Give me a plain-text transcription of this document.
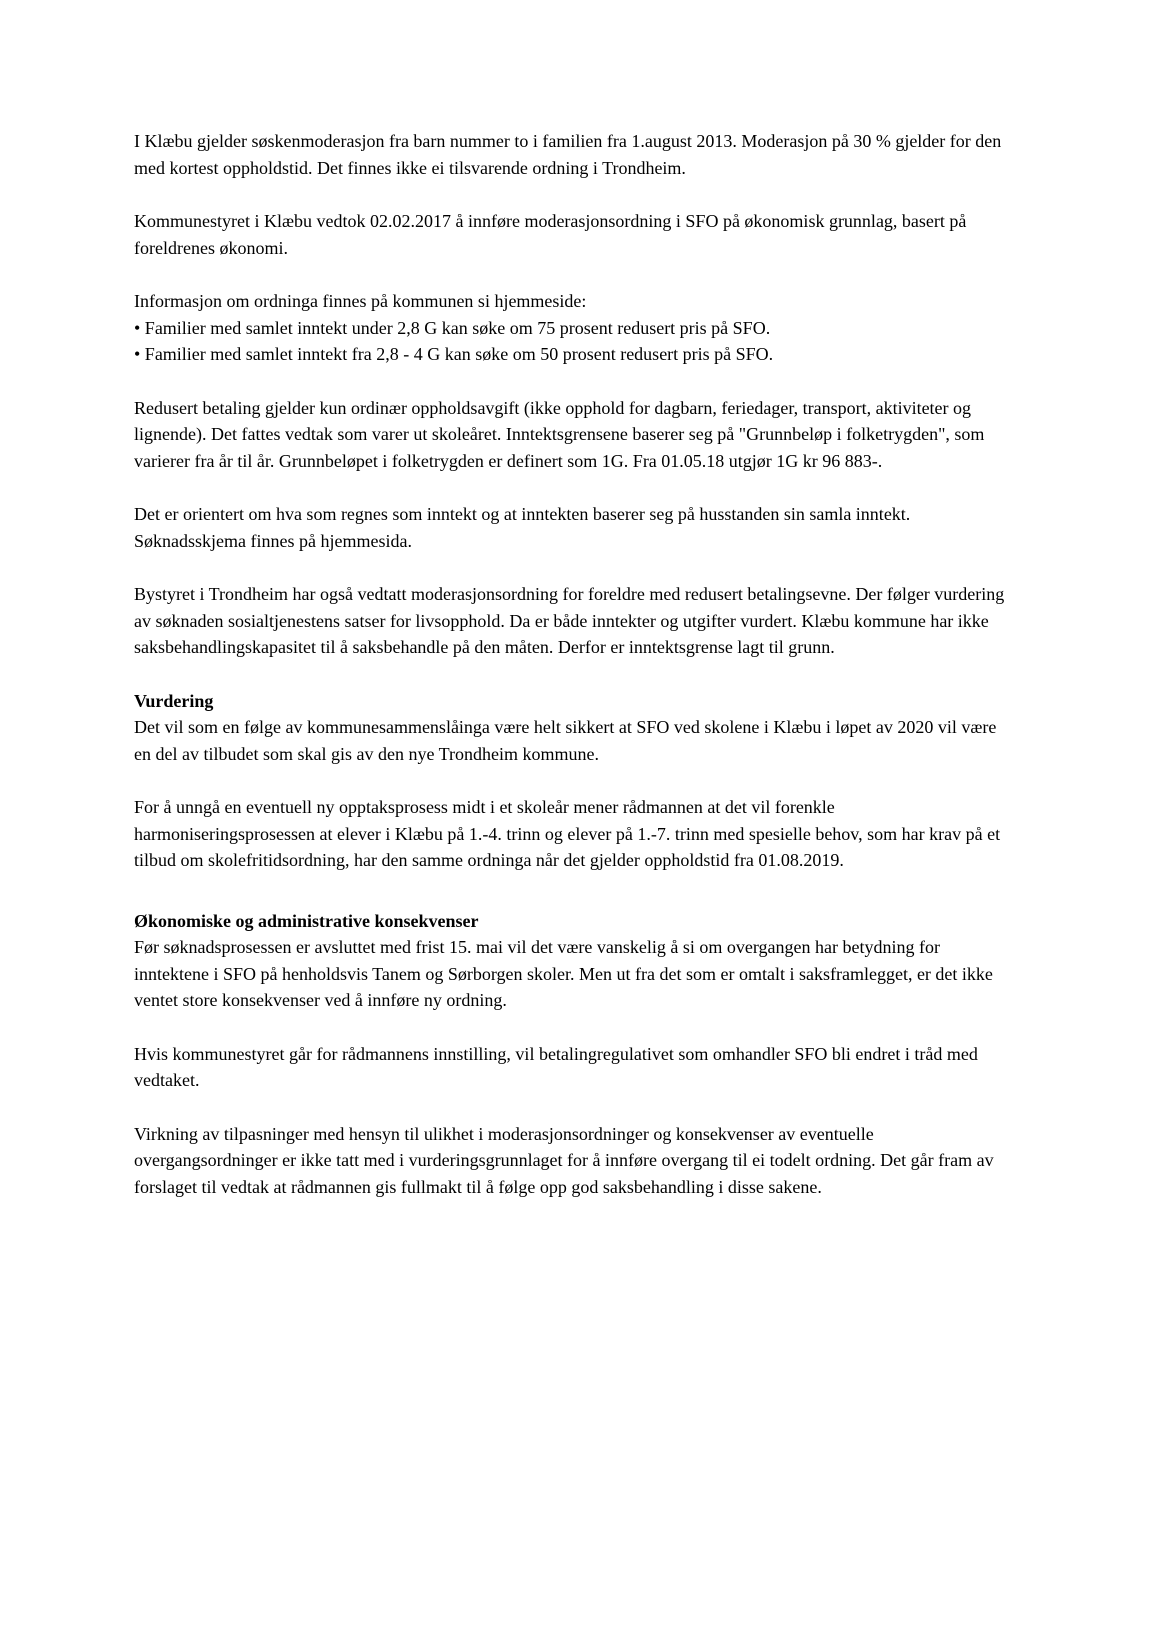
I Klæbu gjelder søskenmoderasjon fra barn nummer to i familien fra 1.august 2013. Moderasjon på 30 % gjelder for den med kortest oppholdstid. Det finnes ikke ei tilsvarende ordning i Trondheim.

Kommunestyret i Klæbu vedtok 02.02.2017 å innføre moderasjonsordning i SFO på økonomisk grunnlag, basert på foreldrenes økonomi.

Informasjon om ordninga finnes på kommunen si hjemmeside:

• Familier med samlet inntekt under 2,8 G kan søke om 75 prosent redusert pris på SFO.

• Familier med samlet inntekt fra 2,8 - 4 G kan søke om 50 prosent redusert pris på SFO.

Redusert betaling gjelder kun ordinær oppholdsavgift (ikke opphold for dagbarn, feriedager, transport, aktiviteter og lignende). Det fattes vedtak som varer ut skoleåret. Inntektsgrensene baserer seg på "Grunnbeløp i folketrygden", som varierer fra år til år. Grunnbeløpet i folketrygden er definert som 1G. Fra 01.05.18 utgjør 1G kr 96 883-.

Det er orientert om hva som regnes som inntekt og at inntekten baserer seg på husstanden sin samla inntekt. Søknadsskjema finnes på hjemmesida.

Bystyret i Trondheim har også vedtatt moderasjonsordning for foreldre med redusert betalingsevne. Der følger vurdering av søknaden sosialtjenestens satser for livsopphold. Da er både inntekter og utgifter vurdert. Klæbu kommune har ikke saksbehandlingskapasitet til å saksbehandle på den måten. Derfor er inntektsgrense lagt til grunn.

Vurdering

Det vil som en følge av kommunesammenslåinga være helt sikkert at SFO ved skolene i Klæbu i løpet av 2020 vil være en del av tilbudet som skal gis av den nye Trondheim kommune.

For å unngå en eventuell ny opptaksprosess midt i et skoleår mener rådmannen at det vil forenkle harmoniseringsprosessen at elever i Klæbu på 1.-4. trinn og elever på 1.-7. trinn med spesielle behov, som har krav på et tilbud om skolefritidsordning, har den samme ordninga når det gjelder oppholdstid fra 01.08.2019.

Økonomiske og administrative konsekvenser

Før søknadsprosessen er avsluttet med frist 15. mai vil det være vanskelig å si om overgangen har betydning for inntektene i SFO på henholdsvis Tanem og Sørborgen skoler. Men ut fra det som er omtalt i saksframlegget, er det ikke ventet store konsekvenser ved å innføre ny ordning.

Hvis kommunestyret går for rådmannens innstilling, vil betalingregulativet som omhandler SFO bli endret i tråd med vedtaket.

Virkning av tilpasninger med hensyn til ulikhet i moderasjonsordninger og konsekvenser av eventuelle overgangsordninger er ikke tatt med i vurderingsgrunnlaget for å innføre overgang til ei todelt ordning. Det går fram av forslaget til vedtak at rådmannen gis fullmakt til å følge opp god saksbehandling i disse sakene.
